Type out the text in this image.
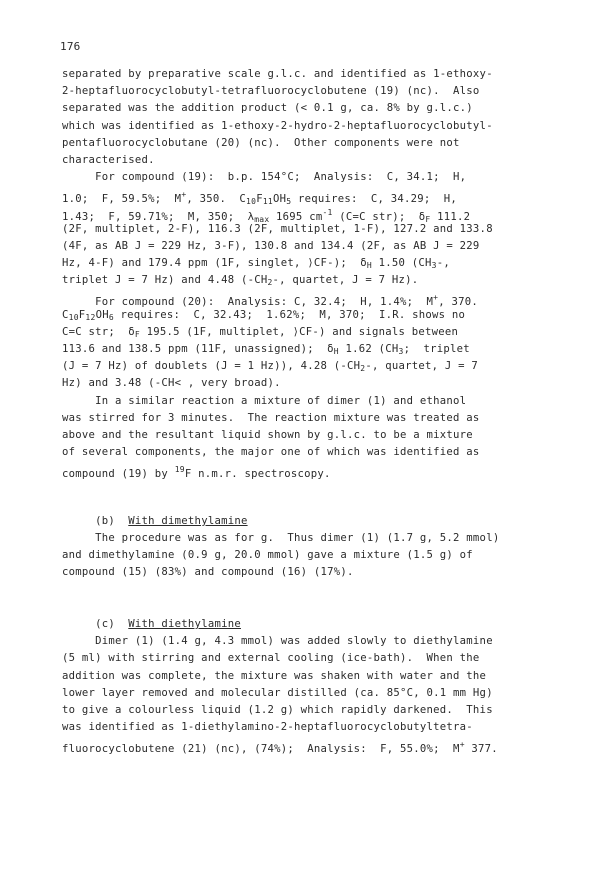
176
separated by preparative scale g.l.c. and identified as 1-ethoxy-
2-heptafluorocyclobutyl-tetrafluorocyclobutene (19) (nc).  Also
separated was the addition product (< 0.1 g, ca. 8% by g.l.c.)
which was identified as 1-ethoxy-2-hydro-2-heptafluorocyclobutyl-
pentafluorocyclobutane (20) (nc).  Other components were not
characterised.
For compound (19):  b.p. 154°C;  Analysis:  C, 34.1;  H,
1.0;  F, 59.5%;  M+, 350.  $C_{10}F_{11}OH_5$ requires:  C, 34.29;  H,
1.43;  F, 59.71%;  M, 350;  $\lambda_{max}$ 1695 $cm^{-1}$ (C=C str);  $\delta_F$ 111.2
(2F, multiplet, 2-F), 116.3 (2F, multiplet, 1-F), 127.2 and 133.8
(4F, as AB J = 229 Hz, 3-F), 130.8 and 134.4 (2F, as AB J = 229
Hz, 4-F) and 179.4 ppm (1F, singlet, ⟩CF-);  $\delta_H$ 1.50 ($CH_3-$,
triplet J = 7 Hz) and 4.48 ($-CH_2-$, quartet, J = 7 Hz).
For compound (20):  Analysis: C, 32.4;  H, 1.4%;  M+, 370.
$C_{10}F_{12}OH_6$ requires:  C, 32.43;  1.62%;  M, 370;  I.R. shows no
C=C str;  $\delta_F$ 195.5 (1F, multiplet, ⟩CF-) and signals between
113.6 and 138.5 ppm (11F, unassigned);  $\delta_H$ 1.62 ($CH_3$;  triplet
(J = 7 Hz) of doublets (J = 1 Hz)), 4.28 ($-CH_2-$, quartet, J = 7
Hz) and 3.48 (-CH< , very broad).
In a similar reaction a mixture of dimer (1) and ethanol
was stirred for 3 minutes.  The reaction mixture was treated as
above and the resultant liquid shown by g.l.c. to be a mixture
of several components, the major one of which was identified as
compound (19) by $^{19}$F n.m.r. spectroscopy.
(b)  With dimethylamine
The procedure was as for g.  Thus dimer (1) (1.7 g, 5.2 mmol)
and dimethylamine (0.9 g, 20.0 mmol) gave a mixture (1.5 g) of
compound (15) (83%) and compound (16) (17%).
(c)  With diethylamine
Dimer (1) (1.4 g, 4.3 mmol) was added slowly to diethylamine
(5 ml) with stirring and external cooling (ice-bath).  When the
addition was complete, the mixture was shaken with water and the
lower layer removed and molecular distilled (ca. 85°C, 0.1 mm Hg)
to give a colourless liquid (1.2 g) which rapidly darkened.  This
was identified as 1-diethylamino-2-heptafluorocyclobutyltetra-
fluorocyclobutene (21) (nc), (74%);  Analysis:  F, 55.0%;  M+ 377.
